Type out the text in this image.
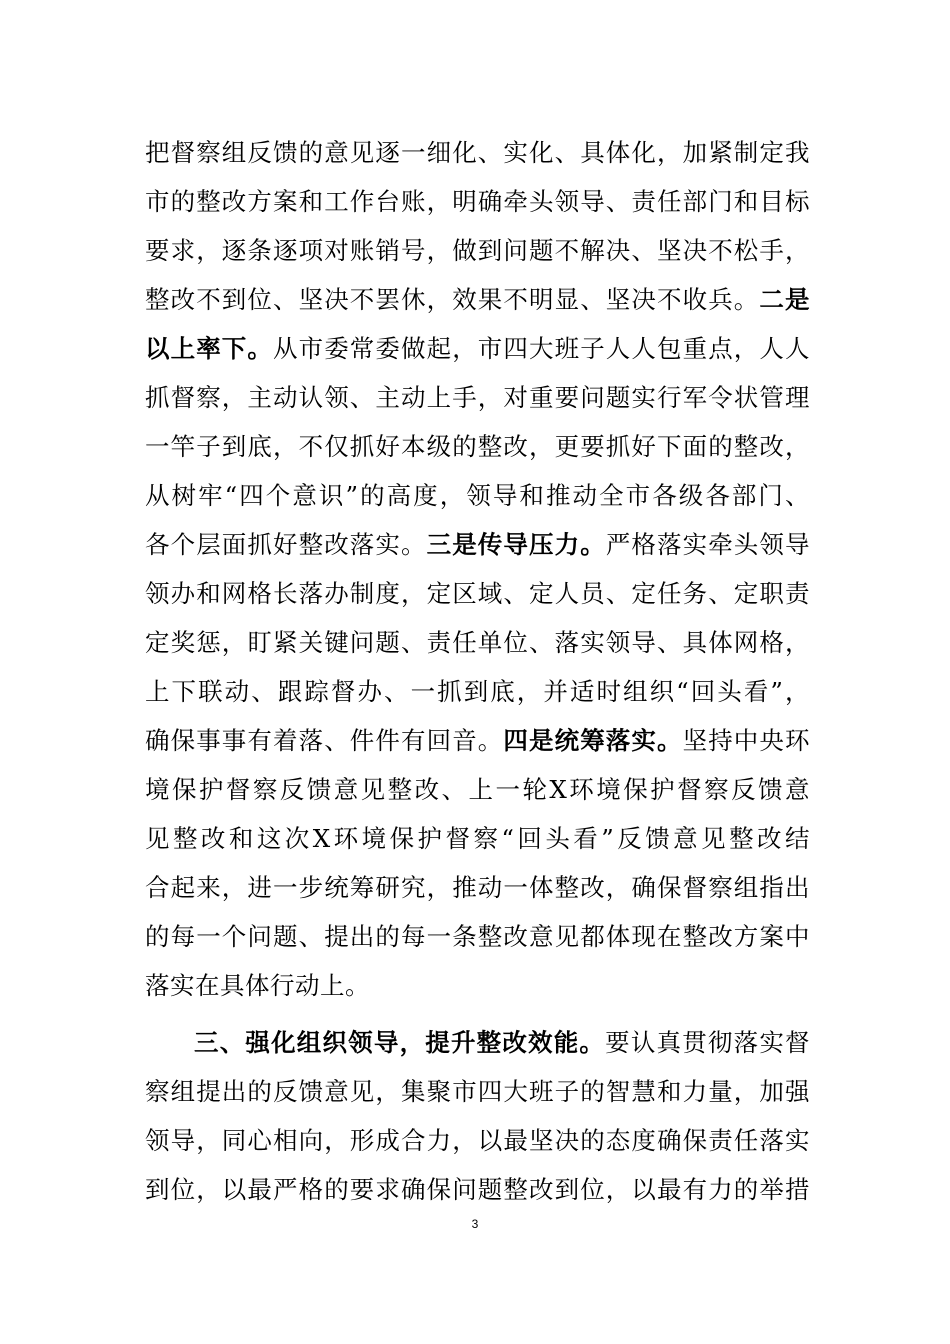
把督察组反馈的意见逐一细化、实化、具体化，加紧制定我
市的整改方案和工作台账，明确牵头领导、责任部门和目标
要求，逐条逐项对账销号，做到问题不解决、坚决不松手，
整改不到位、坚决不罢休，效果不明显、坚决不收兵。二是
以上率下。从市委常委做起，市四大班子人人包重点，人人
抓督察，主动认领、主动上手，对重要问题实行军令状管理
一竿子到底，不仅抓好本级的整改，更要抓好下面的整改，
从树牢“四个意识”的高度，领导和推动全市各级各部门、
各个层面抓好整改落实。三是传导压力。严格落实牵头领导
领办和网格长落办制度，定区域、定人员、定任务、定职责
定奖惩，盯紧关键问题、责任单位、落实领导、具体网格，
上下联动、跟踪督办、一抓到底，并适时组织“回头看”，
确保事事有着落、件件有回音。四是统筹落实。坚持中央环
境保护督察反馈意见整改、上一轮X环境保护督察反馈意
见整改和这次X环境保护督察“回头看”反馈意见整改结
合起来，进一步统筹研究，推动一体整改，确保督察组指出
的每一个问题、提出的每一条整改意见都体现在整改方案中
落实在具体行动上。
三、强化组织领导，提升整改效能。要认真贯彻落实督
察组提出的反馈意见，集聚市四大班子的智慧和力量，加强
领导，同心相向，形成合力，以最坚决的态度确保责任落实
到位，以最严格的要求确保问题整改到位，以最有力的举措
3
